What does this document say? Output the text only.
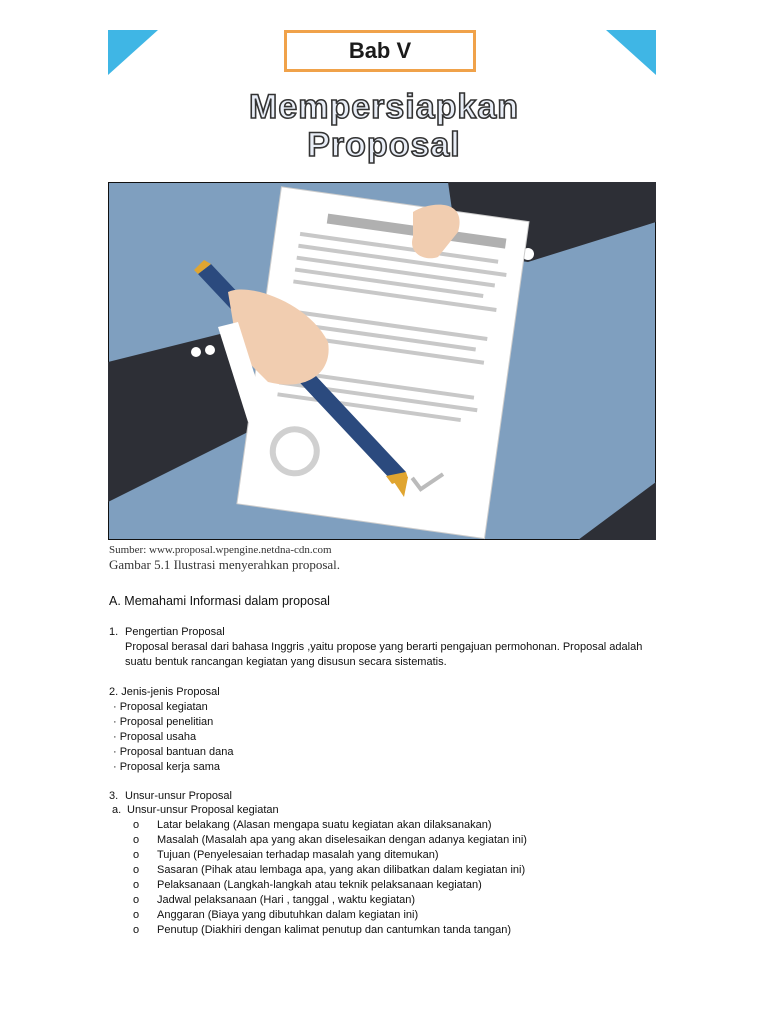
Bab V
Mempersiapkan
Proposal
Sumber: www.proposal.wpengine.netdna-cdn.com
Gambar 5.1 Ilustrasi menyerahkan proposal.
A. Memahami Informasi dalam proposal
1. Pengertian Proposal
Proposal berasal dari bahasa Inggris ,yaitu propose yang berarti pengajuan permohonan. Proposal adalah
suatu bentuk rancangan kegiatan yang disusun secara sistematis.
2. Jenis-jenis Proposal
· Proposal kegiatan
· Proposal penelitian
· Proposal usaha
· Proposal bantuan dana
· Proposal kerja sama
3. Unsur-unsur Proposal
a. Unsur-unsur Proposal kegiatan
o Latar belakang (Alasan mengapa suatu kegiatan akan dilaksanakan)
o Masalah (Masalah apa yang akan diselesaikan dengan adanya kegiatan ini)
o Tujuan (Penyelesaian terhadap masalah yang ditemukan)
o Sasaran (Pihak atau lembaga apa, yang akan dilibatkan dalam kegiatan ini)
o Pelaksanaan (Langkah-langkah atau teknik pelaksanaan kegiatan)
o Jadwal pelaksanaan (Hari , tanggal , waktu kegiatan)
o Anggaran (Biaya yang dibutuhkan dalam kegiatan ini)
o Penutup (Diakhiri dengan kalimat penutup dan cantumkan tanda tangan)
